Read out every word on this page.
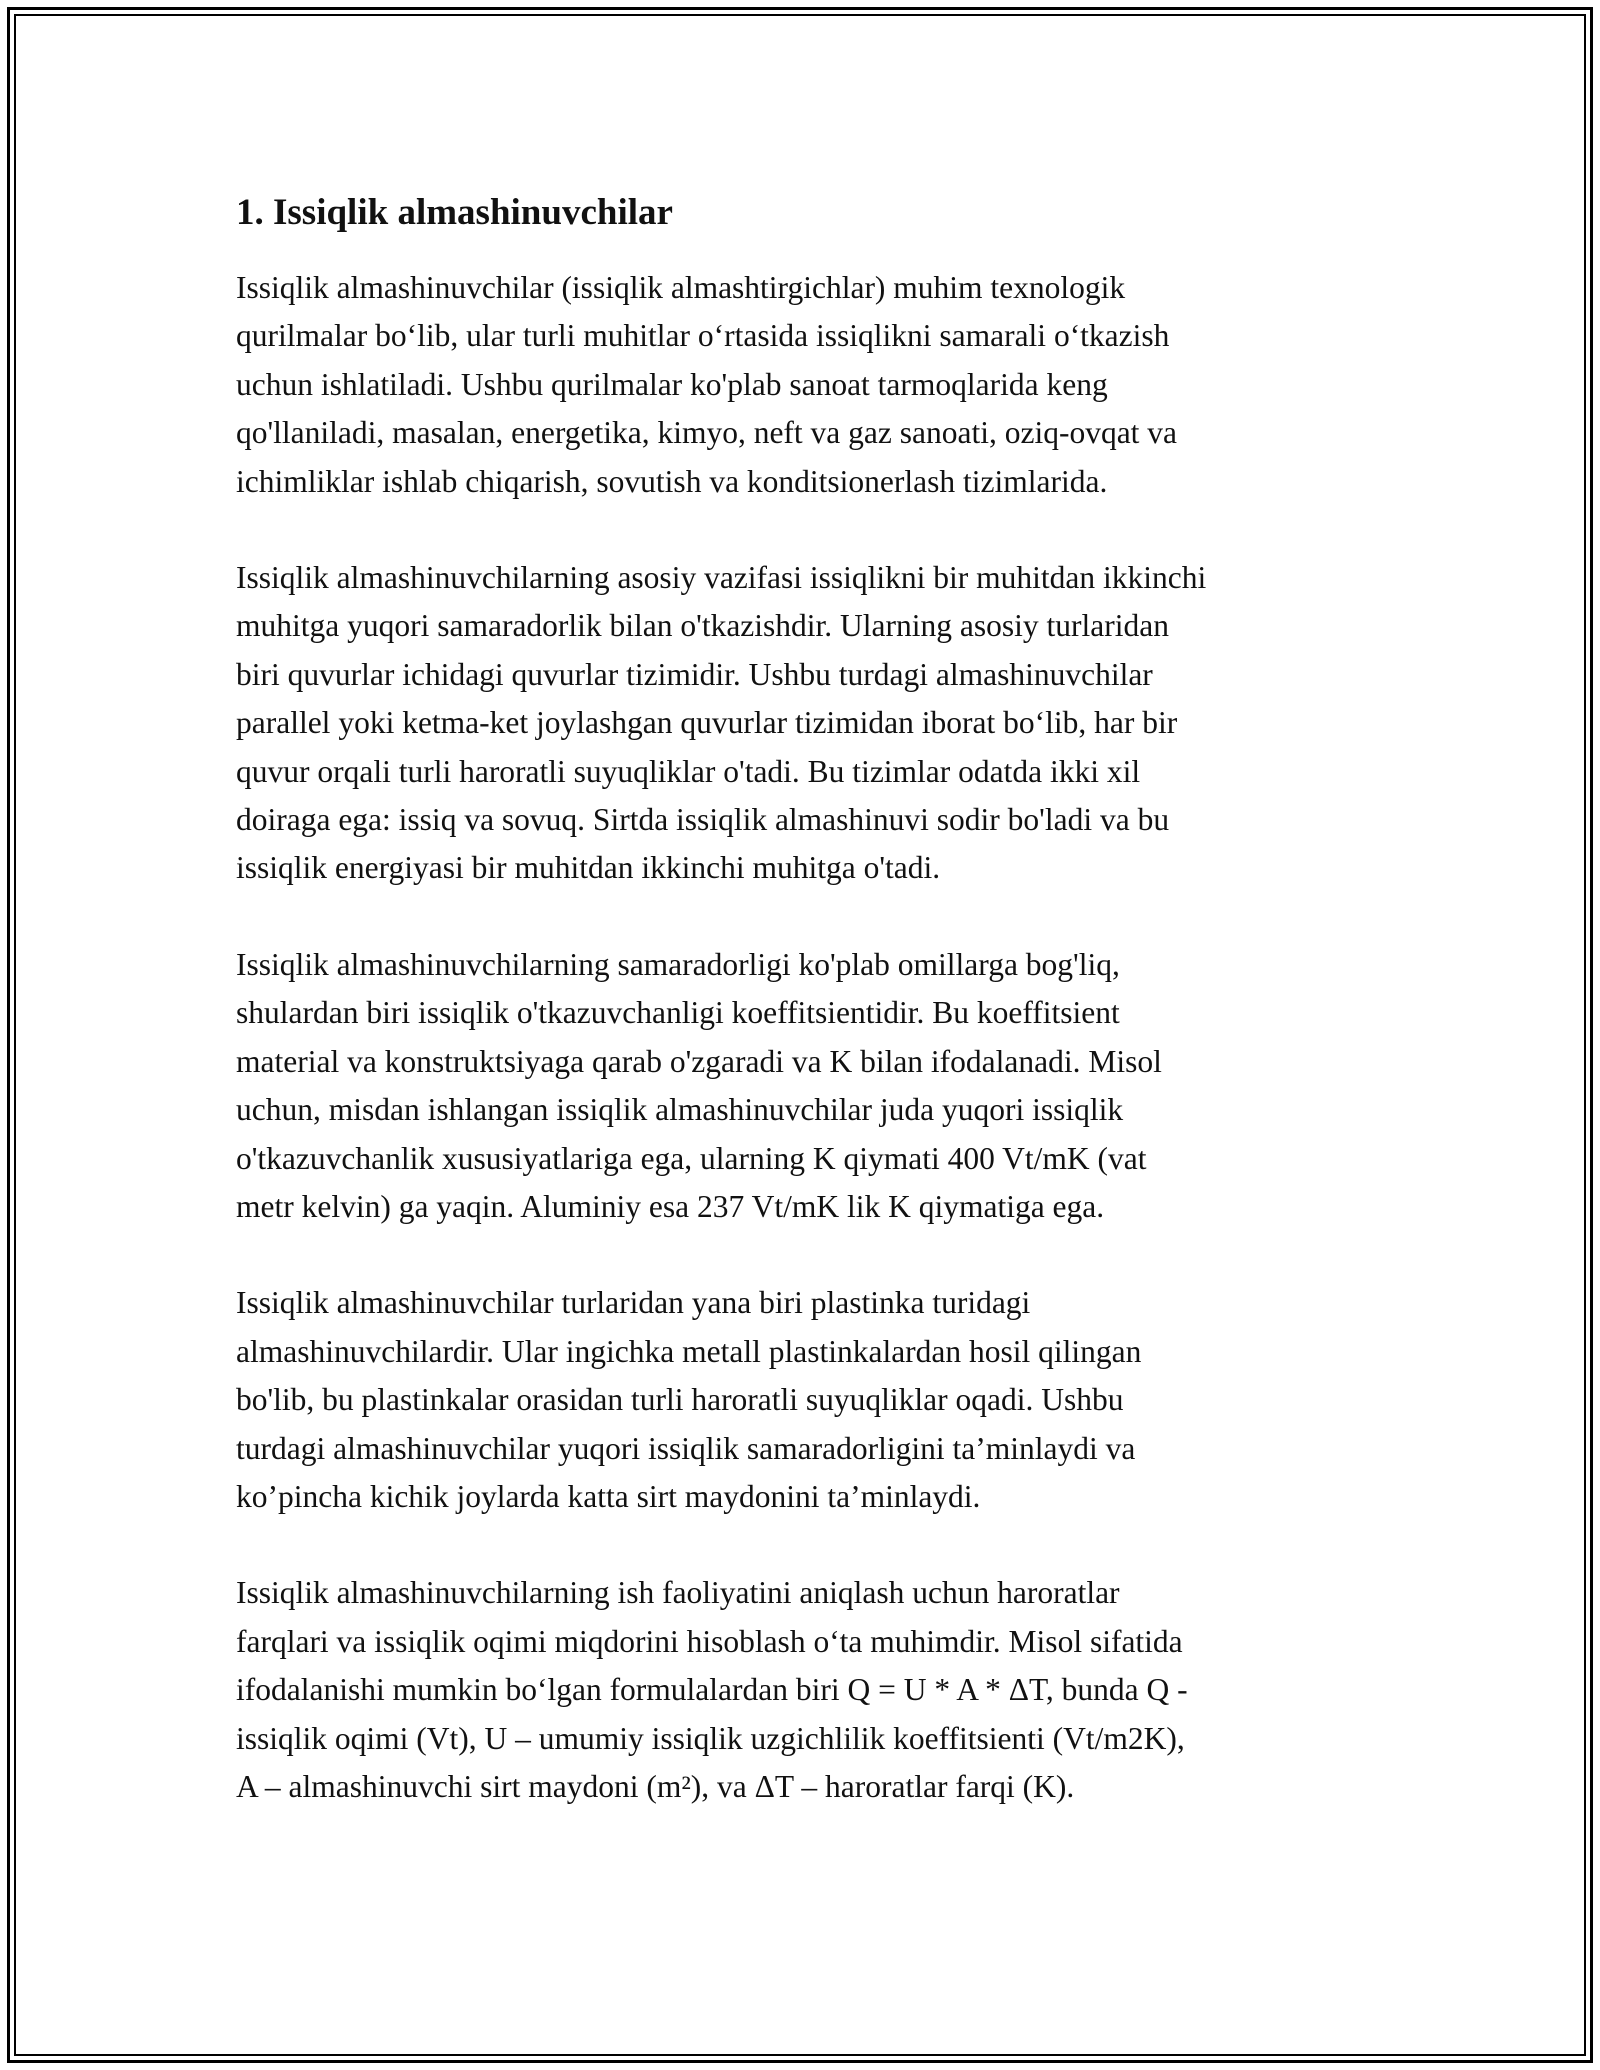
1. Issiqlik almashinuvchilar

Issiqlik almashinuvchilar (issiqlik almashtirgichlar) muhim texnologik
qurilmalar bo‘lib, ular turli muhitlar o‘rtasida issiqlikni samarali o‘tkazish
uchun ishlatiladi. Ushbu qurilmalar ko'plab sanoat tarmoqlarida keng
qo'llaniladi, masalan, energetika, kimyo, neft va gaz sanoati, oziq-ovqat va
ichimliklar ishlab chiqarish, sovutish va konditsionerlash tizimlarida.

Issiqlik almashinuvchilarning asosiy vazifasi issiqlikni bir muhitdan ikkinchi
muhitga yuqori samaradorlik bilan o'tkazishdir. Ularning asosiy turlaridan
biri quvurlar ichidagi quvurlar tizimidir. Ushbu turdagi almashinuvchilar
parallel yoki ketma-ket joylashgan quvurlar tizimidan iborat bo‘lib, har bir
quvur orqali turli haroratli suyuqliklar o'tadi. Bu tizimlar odatda ikki xil
doiraga ega: issiq va sovuq. Sirtda issiqlik almashinuvi sodir bo'ladi va bu
issiqlik energiyasi bir muhitdan ikkinchi muhitga o'tadi.

Issiqlik almashinuvchilarning samaradorligi ko'plab omillarga bog'liq,
shulardan biri issiqlik o'tkazuvchanligi koeffitsientidir. Bu koeffitsient
material va konstruktsiyaga qarab o'zgaradi va K bilan ifodalanadi. Misol
uchun, misdan ishlangan issiqlik almashinuvchilar juda yuqori issiqlik
o'tkazuvchanlik xususiyatlariga ega, ularning K qiymati 400 Vt/mK (vat
metr kelvin) ga yaqin. Aluminiy esa 237 Vt/mK lik K qiymatiga ega.

Issiqlik almashinuvchilar turlaridan yana biri plastinka turidagi
almashinuvchilardir. Ular ingichka metall plastinkalardan hosil qilingan
bo'lib, bu plastinkalar orasidan turli haroratli suyuqliklar oqadi. Ushbu
turdagi almashinuvchilar yuqori issiqlik samaradorligini ta’minlaydi va
ko’pincha kichik joylarda katta sirt maydonini ta’minlaydi.

Issiqlik almashinuvchilarning ish faoliyatini aniqlash uchun haroratlar
farqlari va issiqlik oqimi miqdorini hisoblash o‘ta muhimdir. Misol sifatida
ifodalanishi mumkin bo‘lgan formulalardan biri Q = U * A * ΔT, bunda Q -
issiqlik oqimi (Vt), U – umumiy issiqlik uzgichlilik koeffitsienti (Vt/m2K),
A – almashinuvchi sirt maydoni (m²), va ΔT – haroratlar farqi (K).
